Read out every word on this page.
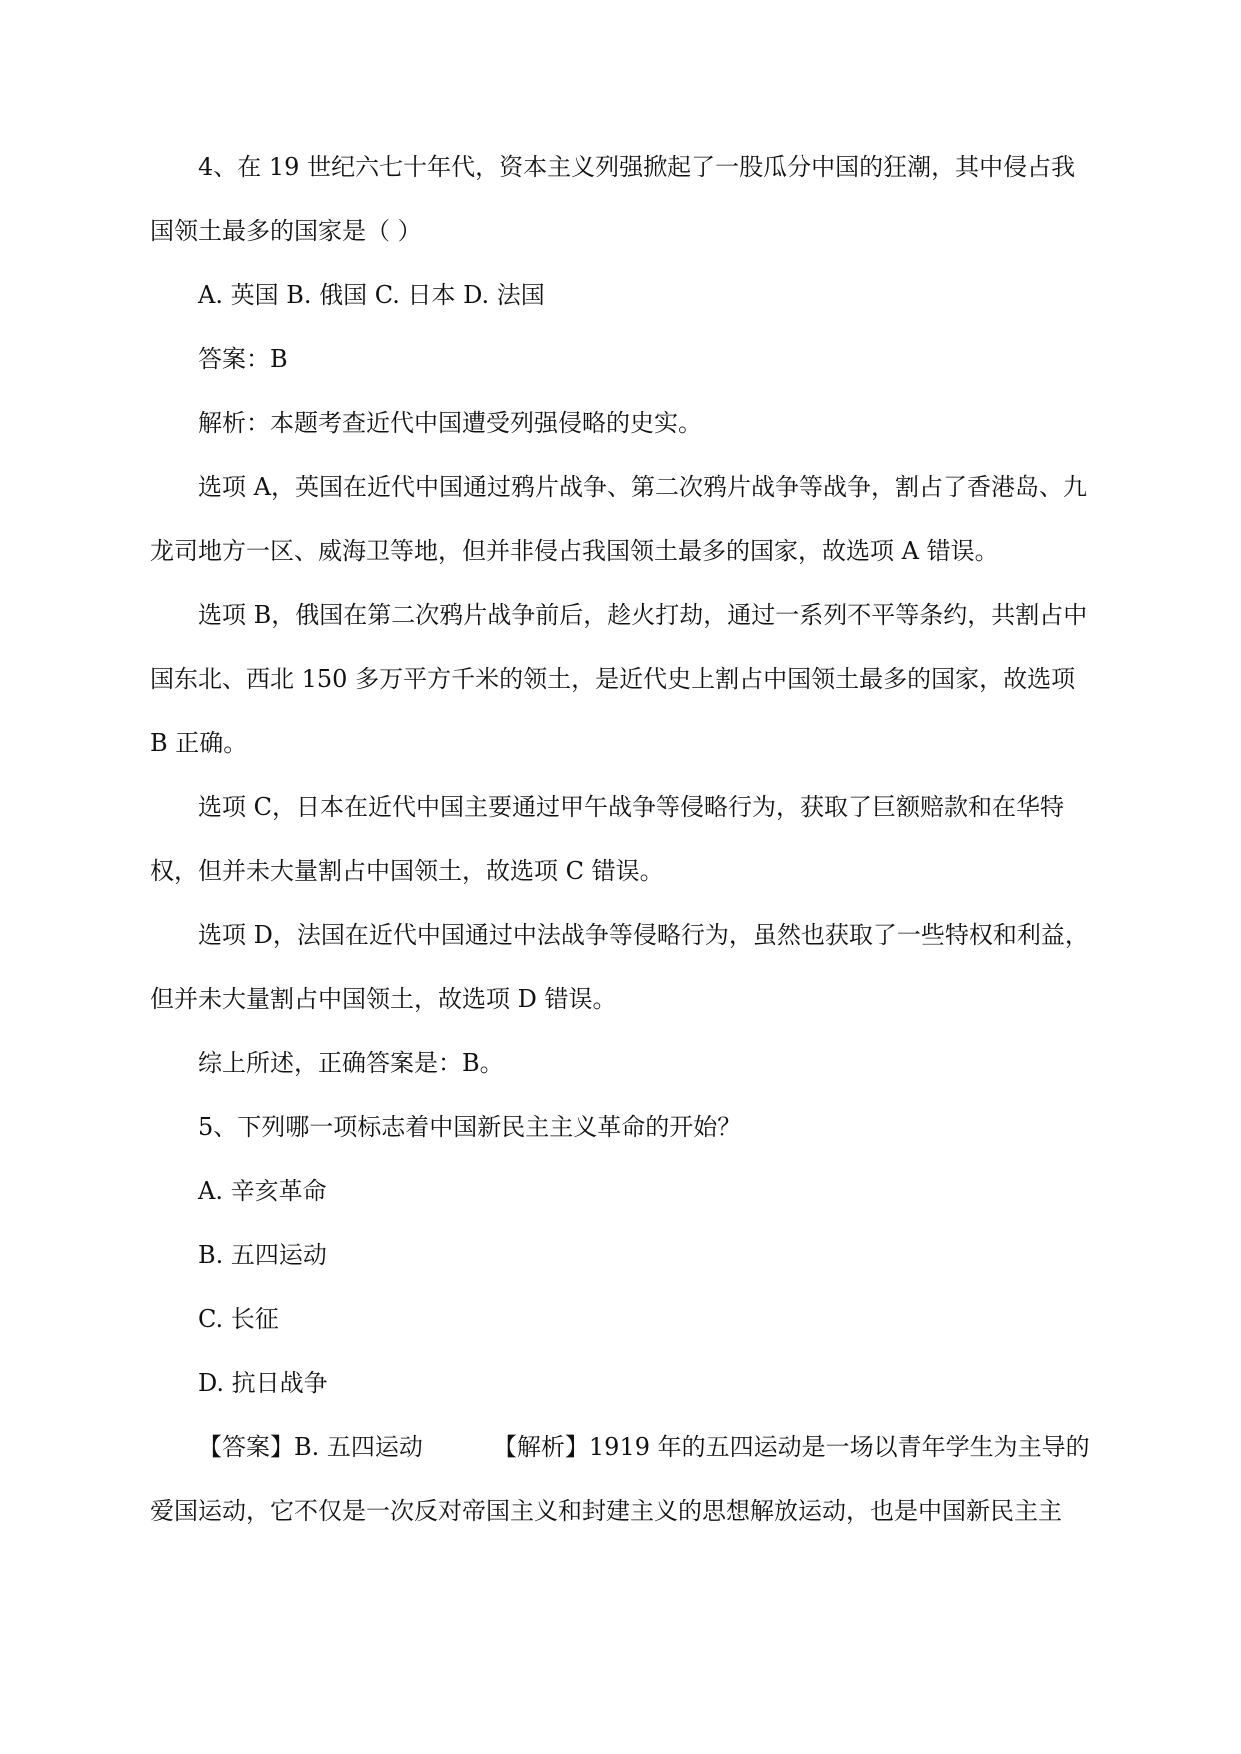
4、在 19 世纪六七十年代，资本主义列强掀起了一股瓜分中国的狂潮，其中侵占我国领土最多的国家是（ ）

A. 英国 B. 俄国 C. 日本 D. 法国

答案：B

解析：本题考查近代中国遭受列强侵略的史实。

选项 A，英国在近代中国通过鸦片战争、第二次鸦片战争等战争，割占了香港岛、九龙司地方一区、威海卫等地，但并非侵占我国领土最多的国家，故选项 A 错误。

选项 B，俄国在第二次鸦片战争前后，趁火打劫，通过一系列不平等条约，共割占中国东北、西北 150 多万平方千米的领土，是近代史上割占中国领土最多的国家，故选项 B 正确。

选项 C，日本在近代中国主要通过甲午战争等侵略行为，获取了巨额赔款和在华特权，但并未大量割占中国领土，故选项 C 错误。

选项 D，法国在近代中国通过中法战争等侵略行为，虽然也获取了一些特权和利益，但并未大量割占中国领土，故选项 D 错误。

综上所述，正确答案是：B。

5、下列哪一项标志着中国新民主主义革命的开始？

A. 辛亥革命

B. 五四运动

C. 长征

D. 抗日战争

【答案】B. 五四运动	【解析】1919 年的五四运动是一场以青年学生为主导的爱国运动，它不仅是一次反对帝国主义和封建主义的思想解放运动，也是中国新民主主
